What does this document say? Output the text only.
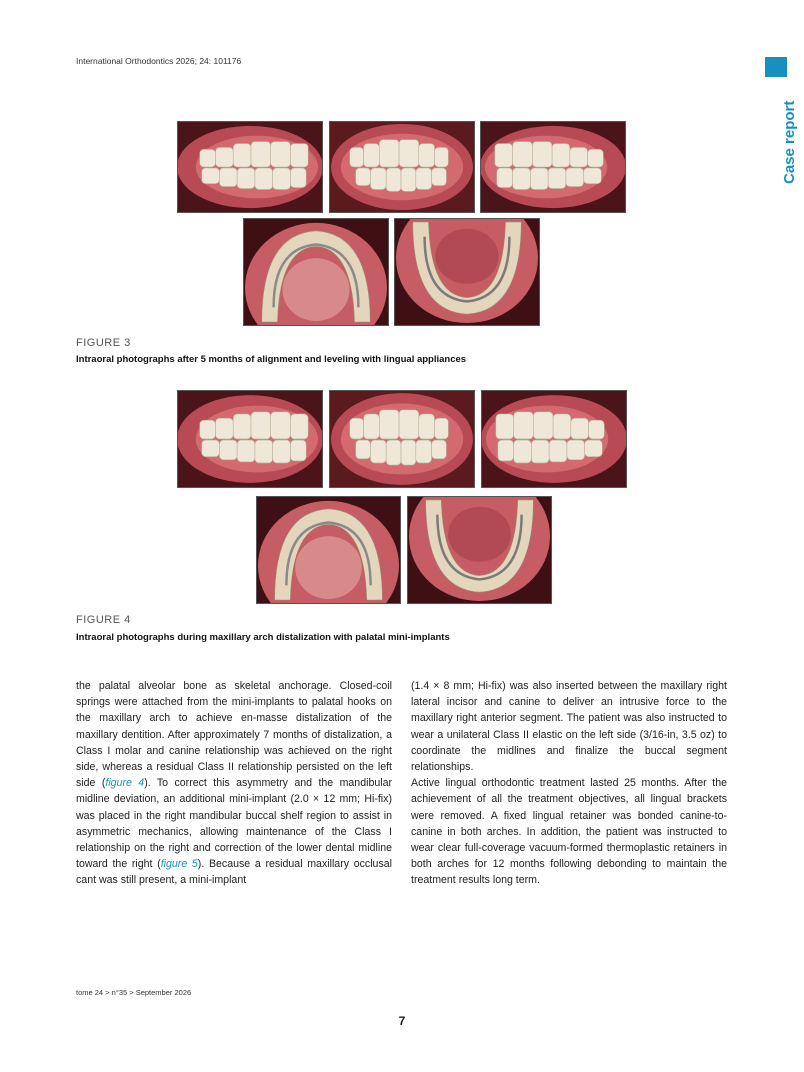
International Orthodontics 2026; 24: 101176
Case report
FIGURE 3
Intraoral photographs after 5 months of alignment and leveling with lingual appliances
FIGURE 4
Intraoral photographs during maxillary arch distalization with palatal mini-implants

the palatal alveolar bone as skeletal anchorage. Closed-coil springs were attached from the mini-implants to palatal hooks on the maxillary arch to achieve en-masse distalization of the maxillary dentition. After approximately 7 months of distalization, a Class I molar and canine relationship was achieved on the right side, whereas a residual Class II relationship persisted on the left side (figure 4). To correct this asymmetry and the mandibular midline deviation, an additional mini-implant (2.0 × 12 mm; Hi-fix) was placed in the right mandibular buccal shelf region to assist in asymmetric mechanics, allowing maintenance of the Class I relationship on the right and correction of the lower dental midline toward the right (figure 5). Because a residual maxillary occlusal cant was still present, a mini-implant

(1.4 × 8 mm; Hi-fix) was also inserted between the maxillary right lateral incisor and canine to deliver an intrusive force to the maxillary right anterior segment. The patient was also instructed to wear a unilateral Class II elastic on the left side (3/16-in, 3.5 oz) to coordinate the midlines and finalize the buccal segment relationships.

Active lingual orthodontic treatment lasted 25 months. After the achievement of all the treatment objectives, all lingual brackets were removed. A fixed lingual retainer was bonded canine-to-canine in both arches. In addition, the patient was instructed to wear clear full-coverage vacuum-formed thermoplastic retainers in both arches for 12 months following debonding to maintain the treatment results long term.

tome 24 > n°35 > September 2026
7
